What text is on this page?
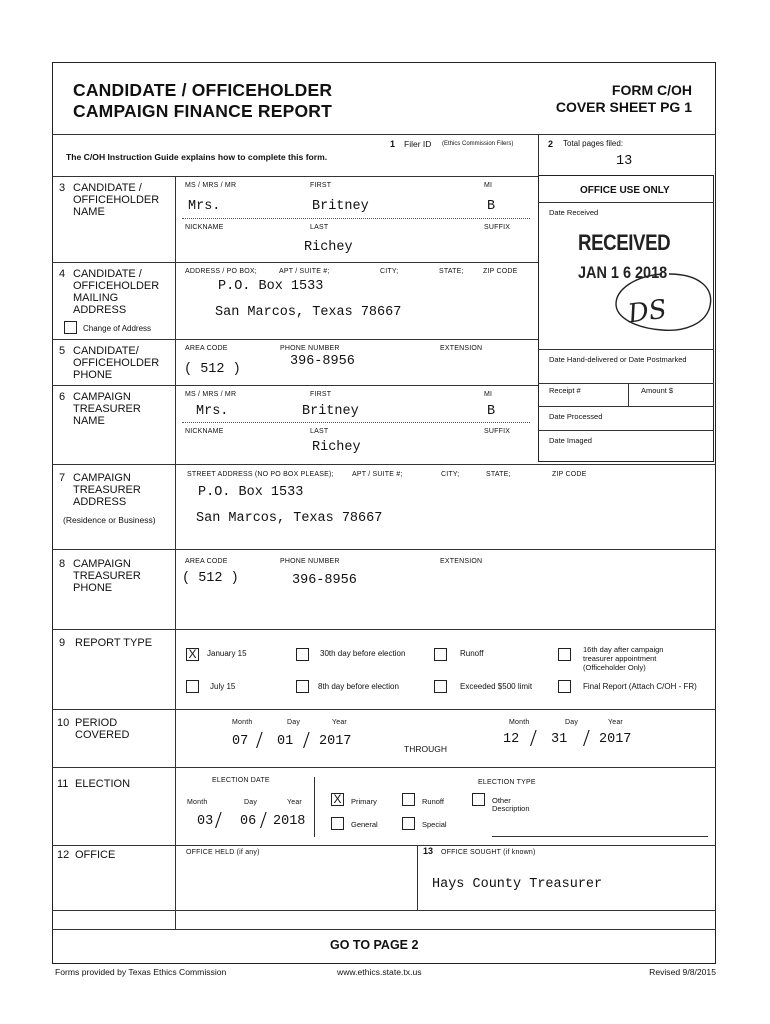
CANDIDATE / OFFICEHOLDER
CAMPAIGN FINANCE REPORT
FORM C/OH
COVER SHEET PG 1
The C/OH Instruction Guide explains how to complete this form.
1 Filer ID (Ethics Commission Filers)	2 Total pages filed:
13
OFFICE USE ONLY
Date Received
RECEIVED
JAN 1 6 2018
DS
Date Hand-delivered or Date Postmarked
Receipt #	Amount $
Date Processed
Date Imaged
3 CANDIDATE /
OFFICEHOLDER
NAME
MS / MRS / MR	FIRST	MI
Mrs.	Britney	B
NICKNAME	LAST	SUFFIX
Richey
4 CANDIDATE /
OFFICEHOLDER
MAILING
ADDRESS
ADDRESS / PO BOX;	APT / SUITE #;	CITY;	STATE;	ZIP CODE
P.O. Box 1533
San Marcos, Texas 78667
Change of Address
5 CANDIDATE/
OFFICEHOLDER
PHONE
AREA CODE	PHONE NUMBER	EXTENSION
( 512 )
396-8956
6 CAMPAIGN
TREASURER
NAME
MS / MRS / MR	FIRST	MI
Mrs.	Britney	B
NICKNAME	LAST	SUFFIX
Richey
7 CAMPAIGN
TREASURER
ADDRESS
(Residence or Business)
STREET ADDRESS (NO PO BOX PLEASE);	APT / SUITE #;	CITY;	STATE;	ZIP CODE
P.O. Box 1533
San Marcos, Texas 78667
8 CAMPAIGN
TREASURER
PHONE
AREA CODE	PHONE NUMBER	EXTENSION
( 512 )	396-8956
9 REPORT TYPE
X	January 15	30th day before election	Runoff	16th day after campaign
treasurer appointment
(Officeholder Only)
July 15	8th day before election	Exceeded $500 limit	Final Report (Attach C/OH - FR)
10 PERIOD
COVERED
Month	Day	Year
07 / 01 / 2017	THROUGH
Month	Day	Year
12 / 31 / 2017
11 ELECTION	ELECTION DATE	ELECTION TYPE
Month	Day	Year
03 / 06 / 2018
X	Primary	Runoff	Other
Description
General	Special
12 OFFICE	OFFICE HELD (if any)	13 OFFICE SOUGHT (if known)
Hays County Treasurer
GO TO PAGE 2
Forms provided by Texas Ethics Commission	www.ethics.state.tx.us	Revised 9/8/2015
